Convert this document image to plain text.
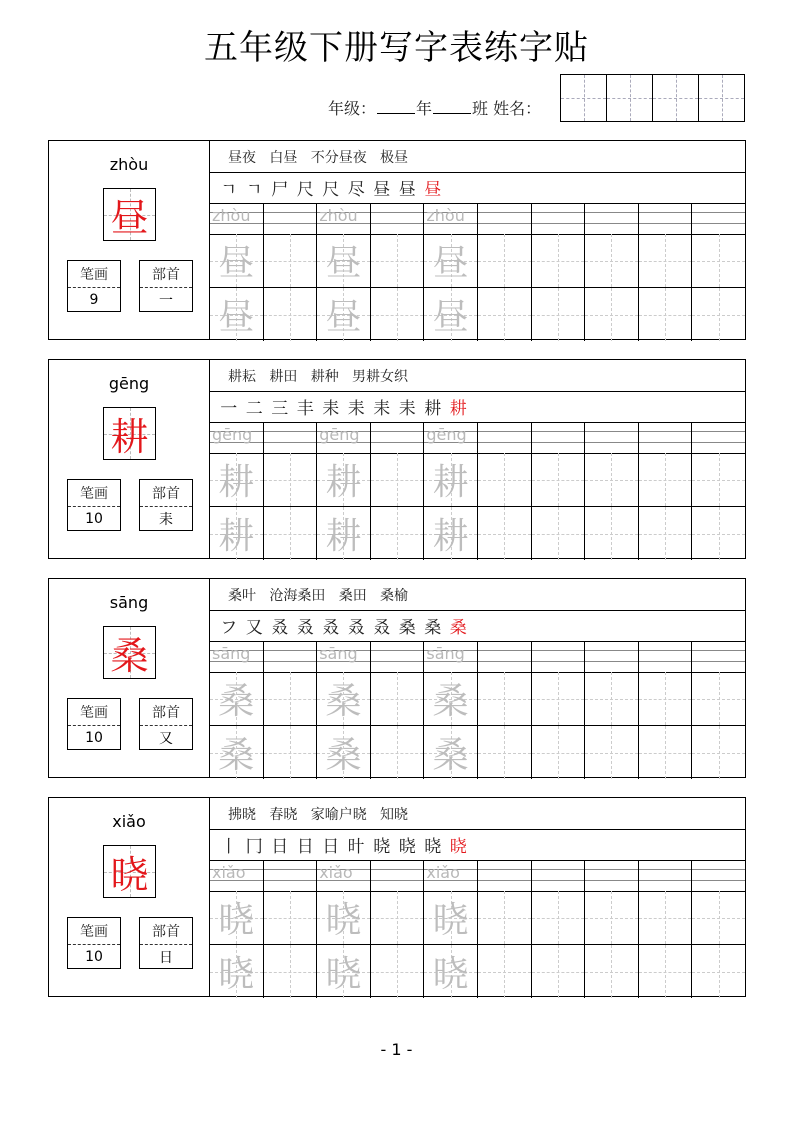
五年级下册写字表练字贴
年级：	年	班 姓名：
zhòu
昼
笔画
9
部首
一
昼夜   白昼   不分昼夜   极昼
ㄱ ㄱ 尸 尺 尺 尽 昼 昼 昼
zhòu	zhòu	zhòu
昼 昼 昼
昼 昼 昼
gēng
耕
笔画
10
部首
耒
耕耘   耕田   耕种   男耕女织
一 二 三 丰 耒 耒 耒 耒 耕 耕
gēng	gēng	gēng
耕 耕 耕
耕 耕 耕
sāng
桑
笔画
10
部首
又
桑叶   沧海桑田   桑田   桑榆
フ 又 叒 叒 叒 叒 叒 桑 桑 桑
sāng	sāng	sāng
桑 桑 桑
桑 桑 桑
xiǎo
晓
笔画
10
部首
日
拂晓   春晓   家喻户晓   知晓
丨 冂 日 日 日 旪 晓 晓 晓 晓
xiǎo	xiǎo	xiǎo
晓 晓 晓
晓 晓 晓
- 1 -
